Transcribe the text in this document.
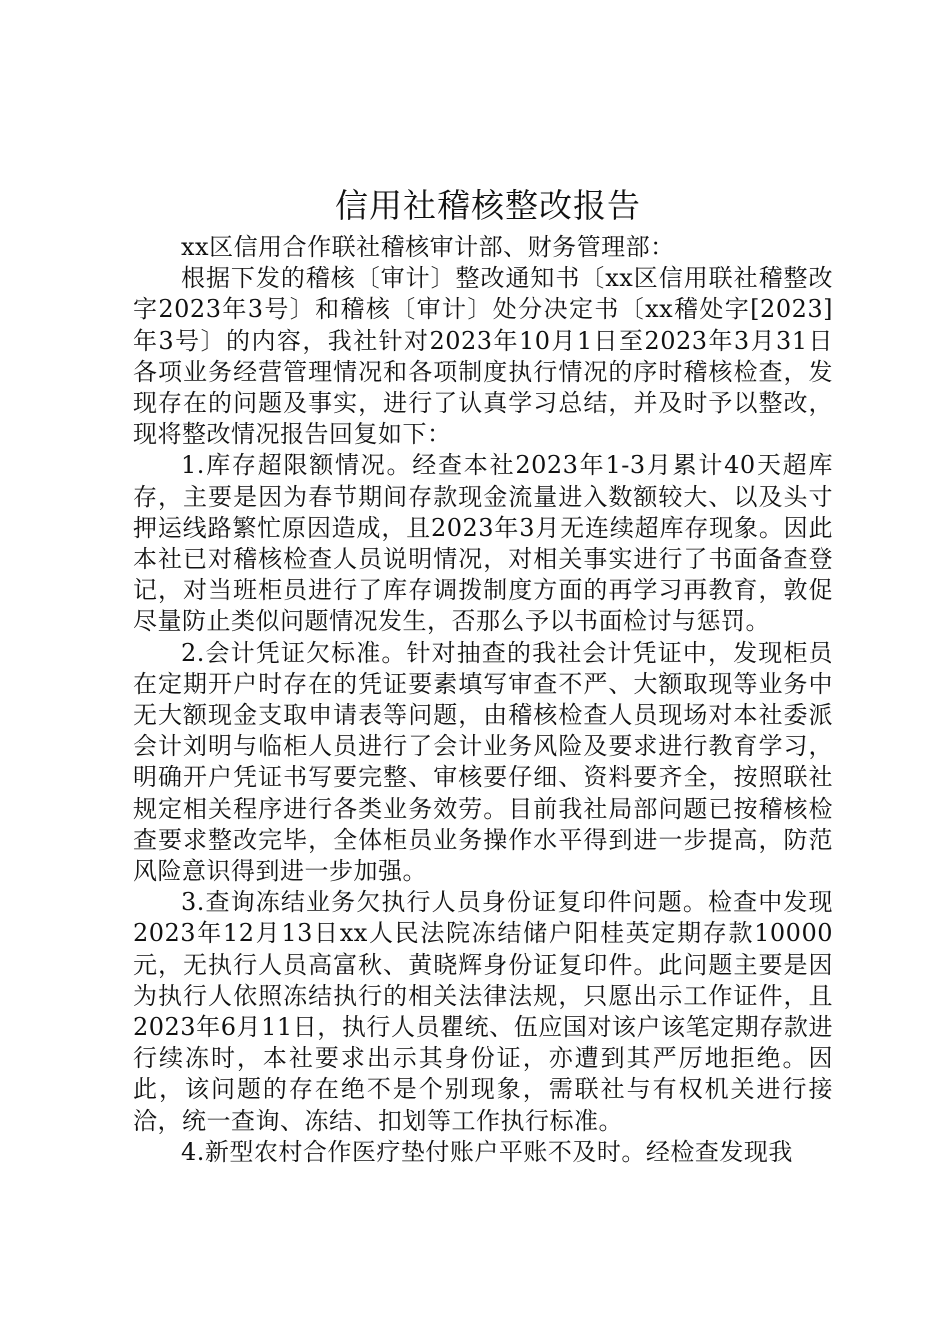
信用社稽核整改报告

xx区信用合作联社稽核审计部、财务管理部：

根据下发的稽核〔审计〕整改通知书〔xx区信用联社稽整改字2023年3号〕和稽核〔审计〕处分决定书〔xx稽处字[2023]年3号〕的内容，我社针对2023年10月1日至2023年3月31日各项业务经营管理情况和各项制度执行情况的序时稽核检查，发现存在的问题及事实，进行了认真学习总结，并及时予以整改，现将整改情况报告回复如下：

1.库存超限额情况。经查本社2023年1-3月累计40天超库存，主要是因为春节期间存款现金流量进入数额较大、以及头寸押运线路繁忙原因造成，且2023年3月无连续超库存现象。因此本社已对稽核检查人员说明情况，对相关事实进行了书面备查登记，对当班柜员进行了库存调拨制度方面的再学习再教育，敦促尽量防止类似问题情况发生，否那么予以书面检讨与惩罚。

2.会计凭证欠标准。针对抽查的我社会计凭证中，发现柜员在定期开户时存在的凭证要素填写审查不严、大额取现等业务中无大额现金支取申请表等问题，由稽核检查人员现场对本社委派会计刘明与临柜人员进行了会计业务风险及要求进行教育学习，明确开户凭证书写要完整、审核要仔细、资料要齐全，按照联社规定相关程序进行各类业务效劳。目前我社局部问题已按稽核检查要求整改完毕，全体柜员业务操作水平得到进一步提高，防范风险意识得到进一步加强。

3.查询冻结业务欠执行人员身份证复印件问题。检查中发现2023年12月13日xx人民法院冻结储户阳桂英定期存款10000元，无执行人员高富秋、黄晓辉身份证复印件。此问题主要是因为执行人依照冻结执行的相关法律法规，只愿出示工作证件，且2023年6月11日，执行人员瞿统、伍应国对该户该笔定期存款进行续冻时，本社要求出示其身份证，亦遭到其严厉地拒绝。因此，该问题的存在绝不是个别现象，需联社与有权机关进行接洽，统一查询、冻结、扣划等工作执行标准。

4.新型农村合作医疗垫付账户平账不及时。经检查发现我
